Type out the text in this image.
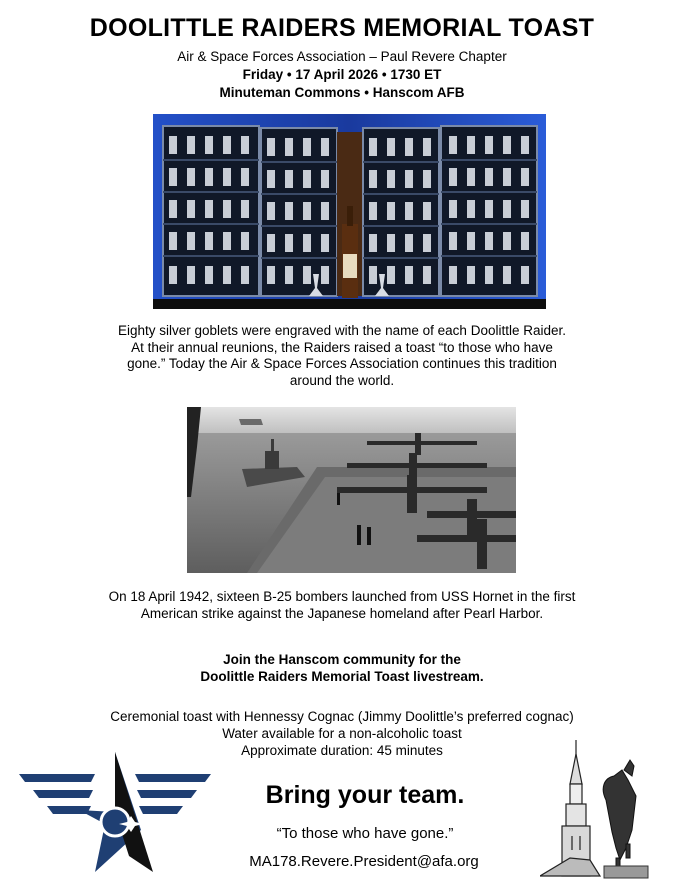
DOOLITTLE RAIDERS MEMORIAL TOAST
Air & Space Forces Association – Paul Revere Chapter
Friday • 17 April 2026 • 1730 ET
Minuteman Commons • Hanscom AFB
Eighty silver goblets were engraved with the name of each Doolittle Raider.
At their annual reunions, the Raiders raised a toast “to those who have
gone.” Today the Air & Space Forces Association continues this tradition
around the world.
On 18 April 1942, sixteen B-25 bombers launched from USS Hornet in the first
American strike against the Japanese homeland after Pearl Harbor.
Join the Hanscom community for the
Doolittle Raiders Memorial Toast livestream.
Ceremonial toast with Hennessy Cognac (Jimmy Doolittle’s preferred cognac)
Water available for a non-alcoholic toast
Approximate duration: 45 minutes
Bring your team.
“To those who have gone.”
MA178.Revere.President@afa.org
